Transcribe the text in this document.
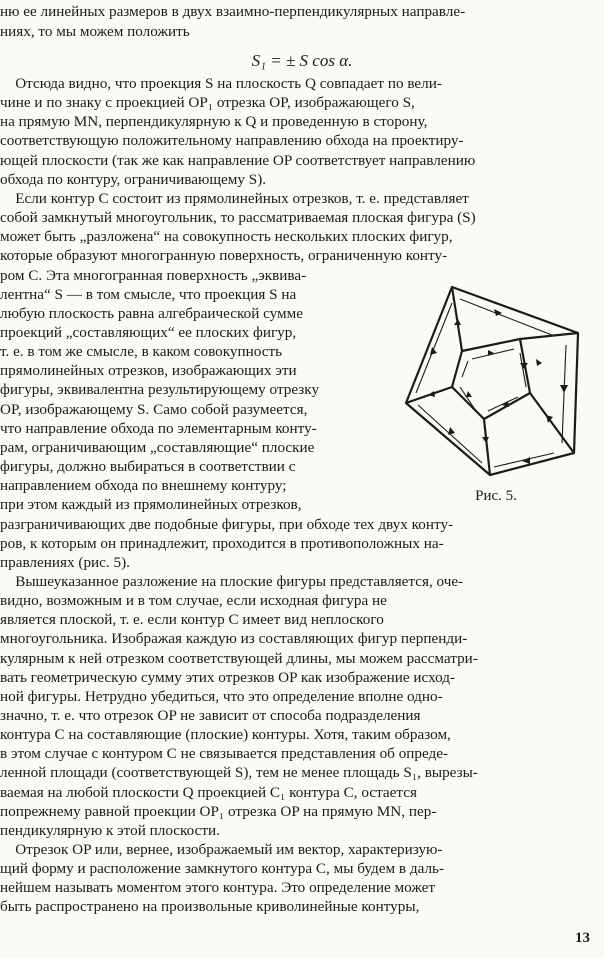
ню ее линейных размеров в двух взаимно-перпендикулярных направле-
ниях, то мы можем положить
S₁ = ± S cos α.
Отсюда видно, что проекция S на плоскость Q совпадает по вели-
чине и по знаку с проекцией OP₁ отрезка OP, изображающего S,
на прямую MN, перпендикулярную к Q и проведенную в сторону,
соответствующую положительному направлению обхода на проектиру-
ющей плоскости (так же как направление OP соответствует направлению
обхода по контуру, ограничивающему S).
Если контур C состоит из прямолинейных отрезков, т. е. представляет
собой замкнутый многоугольник, то рассматриваемая плоская фигура (S)
может быть „разложена“ на совокупность нескольких плоских фигур,
которые образуют многогранную поверхность, ограниченную конту-
ром C. Эта многогранная поверхность „эквива-
лентна“ S — в том смысле, что проекция S на
любую плоскость равна алгебраической сумме
проекций „составляющих“ ее плоских фигур,
т. е. в том же смысле, в каком совокупность
прямолинейных отрезков, изображающих эти
фигуры, эквивалентна результирующему отрезку
OP, изображающему S. Само собой разумеется,
что направление обхода по элементарным конту-
рам, ограничивающим „составляющие“ плоские
фигуры, должно выбираться в соответствии с
направлением обхода по внешнему контуру;
при этом каждый из прямолинейных отрезков,
разграничивающих две подобные фигуры, при обходе тех двух конту-
ров, к которым он принадлежит, проходится в противоположных на-
правлениях (рис. 5).
Вышеуказанное разложение на плоские фигуры представляется, оче-
видно, возможным и в том случае, если исходная фигура не
является плоской, т. е. если контур C имеет вид неплоского
многоугольника. Изображая каждую из составляющих фигур перпенди-
кулярным к ней отрезком соответствующей длины, мы можем рассматри-
вать геометрическую сумму этих отрезков OP как изображение исход-
ной фигуры. Нетрудно убедиться, что это определение вполне одно-
значно, т. е. что отрезок OP не зависит от способа подразделения
контура C на составляющие (плоские) контуры. Хотя, таким образом,
в этом случае с контуром C не связывается представления об опреде-
ленной площади (соответствующей S), тем не менее площадь S₁, вырезы-
ваемая на любой плоскости Q проекцией C₁ контура C, остается
попрежнему равной проекции OP₁ отрезка OP на прямую MN, пер-
пендикулярную к этой плоскости.
Отрезок OP или, вернее, изображаемый им вектор, характеризую-
щий форму и расположение замкнутого контура C, мы будем в даль-
нейшем называть моментом этого контура. Это определение может
быть распространено на произвольные криволинейные контуры,
Рис. 5.
13
